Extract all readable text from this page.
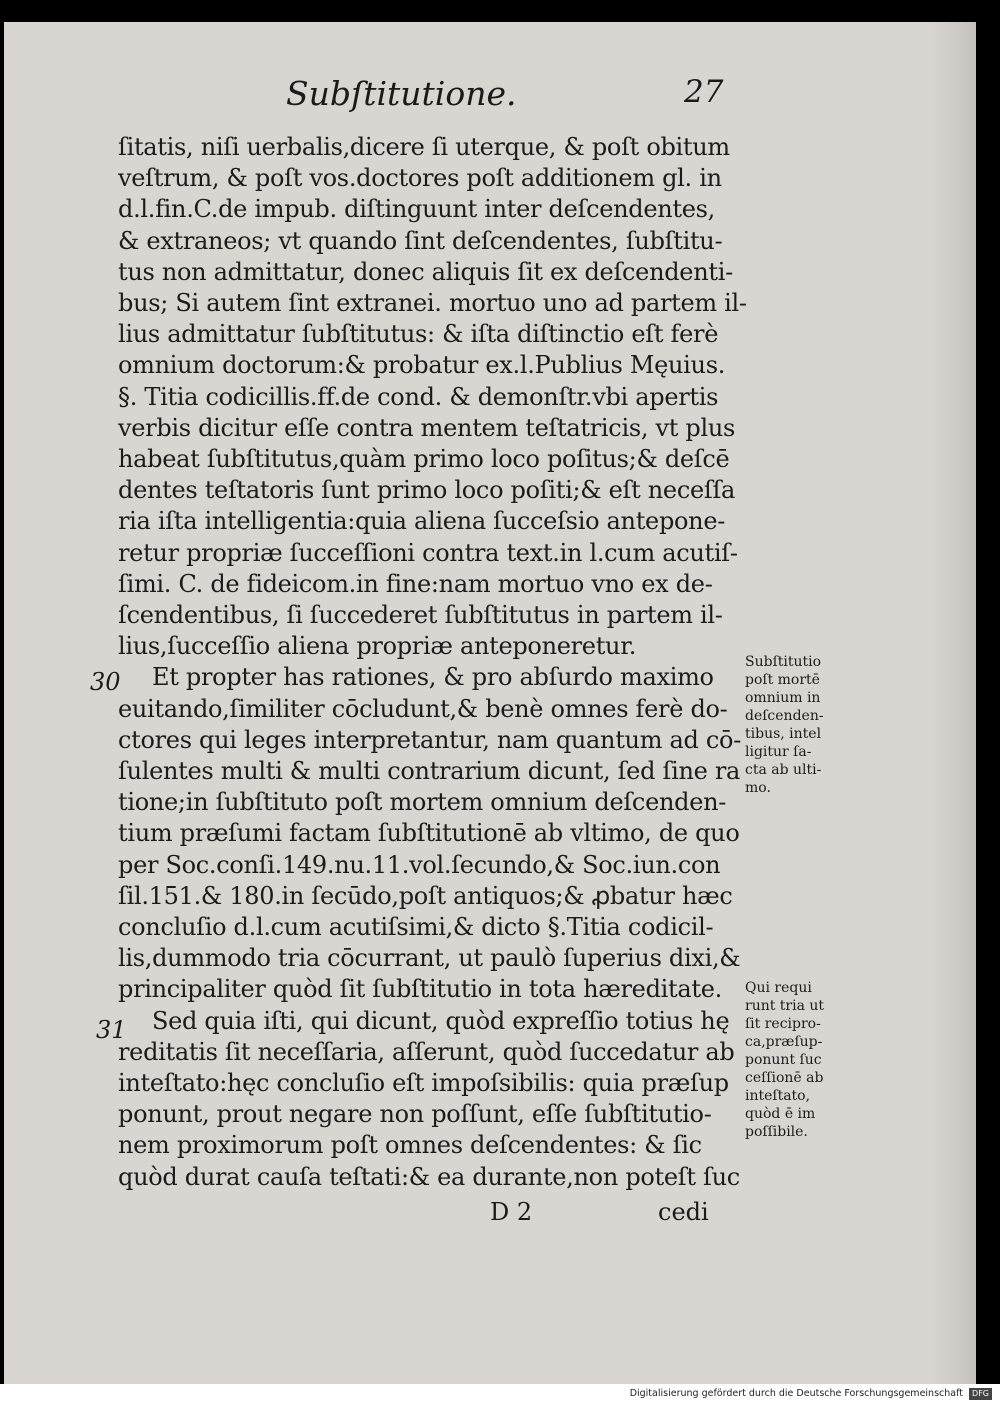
Subſtitutione.	27
ſitatis, niſi uerbalis,dicere ſi uterque, & poſt obitum
veſtrum, & poſt vos.doctores poſt additionem gl. in
d.l.fin.C.de impub. diſtinguunt inter deſcendentes,
& extraneos; vt quando ſint deſcendentes, ſubſtitu-
tus non admittatur, donec aliquis ſit ex deſcendenti-
bus; Si autem ſint extranei. mortuo uno ad partem il-
lius admittatur ſubſtitutus: & iſta diſtinctio eſt ferè
omnium doctorum:& probatur ex.l.Publius Męuius.
§. Titia codicillis.ff.de cond. & demonſtr.vbi apertis
verbis dicitur eſſe contra mentem teſtatricis, vt plus
habeat ſubſtitutus,quàm primo loco poſitus;& deſcē
dentes teſtatoris ſunt primo loco poſiti;& eſt neceſſa
ria iſta intelligentia:quia aliena ſucceſsio antepone-
retur propriæ ſucceſſioni contra text.in l.cum acutiſ-
ſimi. C. de fideicom.in fine:nam mortuo vno ex de-
ſcendentibus, ſi ſuccederet ſubſtitutus in partem il-
lius,ſucceſſio aliena propriæ anteponeretur.
Et propter has rationes, & pro abſurdo maximo
euitando,ſimiliter cōcludunt,& benè omnes ferè do-
ctores qui leges interpretantur, nam quantum ad cō-
ſulentes multi & multi contrarium dicunt, ſed ſine ra
tione;in ſubſtituto poſt mortem omnium deſcenden-
tium præſumi factam ſubſtitutionē ab vltimo, de quo
per Soc.conſi.149.nu.11.vol.ſecundo,& Soc.iun.con
ſil.151.& 180.in ſecūdo,poſt antiquos;& ꝓbatur hæc
concluſio d.l.cum acutiſsimi,& dicto §.Titia codicil-
lis,dummodo tria cōcurrant, ut paulò ſuperius dixi,&
principaliter quòd ſit ſubſtitutio in tota hæreditate.
Sed quia iſti, qui dicunt, quòd expreſſio totius hę
reditatis ſit neceſſaria, aſſerunt, quòd ſuccedatur ab
inteſtato:hęc concluſio eſt impoſsibilis: quia præſup
ponunt, prout negare non poſſunt, eſſe ſubſtitutio-
nem proximorum poſt omnes deſcendentes: & ſic
quòd durat cauſa teſtati:& ea durante,non poteſt ſuc
30
31
Subſtitutio
poſt mortē
omnium in
deſcenden-
tibus, intel
ligitur ſa-
cta ab ulti-
mo.
Qui requi
runt tria ut
ſit recipro-
ca,præſup-
ponunt ſuc
ceſſionē ab
inteſtato,
quòd ē im
poſſibile.
D 2	cedi
Digitalisierung gefördert durch die Deutsche Forschungsgemeinschaft DFG
